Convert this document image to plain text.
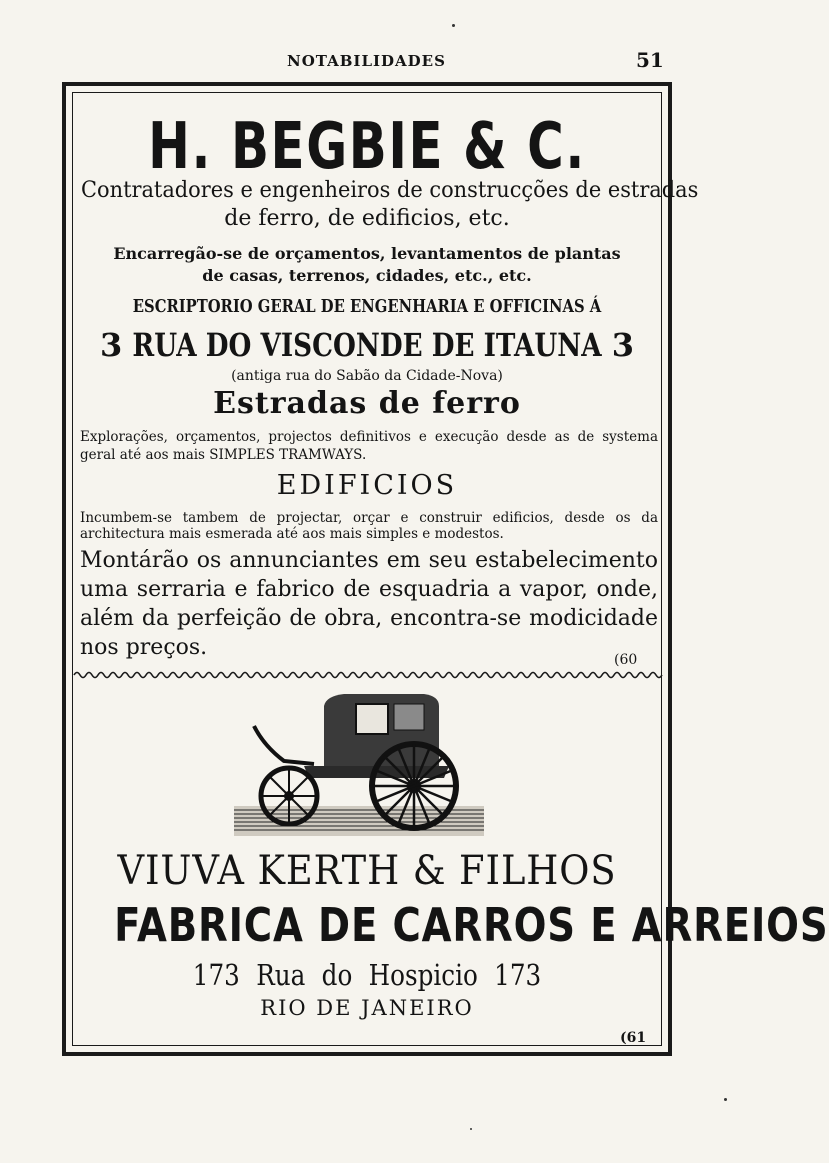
NOTABILIDADES	51
H. BEGBIE & C.
Contratadores e engenheiros de construcções de estradas
de ferro, de edificios, etc.
Encarregão-se de orçamentos, levantamentos de plantas
de casas, terrenos, cidades, etc., etc.
ESCRIPTORIO GERAL DE ENGENHARIA E OFFICINAS Á
3 RUA DO VISCONDE DE ITAUNA 3
(antiga rua do Sabão da Cidade-Nova)
Estradas de ferro
Explorações, orçamentos, projectos definitivos e execução desde as de systema geral até aos mais SIMPLES TRAMWAYS.
EDIFICIOS
Incumbem-se tambem de projectar, orçar e construir edificios, desde os da architectura mais esmerada até aos mais simples e modestos.
Montárão os annunciantes em seu estabelecimento uma serraria e fabrico de esquadria a vapor, onde, além da perfeição de obra, encontra-se modicidade nos preços.	(60
VIUVA KERTH & FILHOS
FABRICA DE CARROS E ARREIOS
173 Rua do Hospicio 173
RIO DE JANEIRO
(61
